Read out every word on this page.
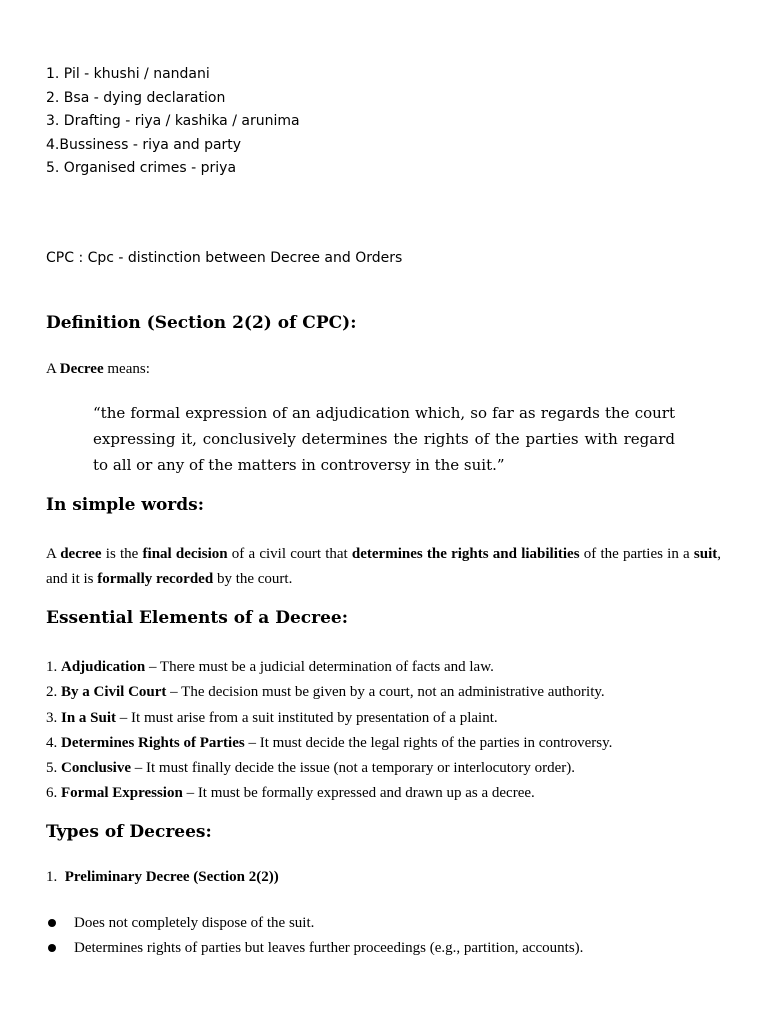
1. Pil - khushi / nandani
2. Bsa - dying declaration
3. Drafting - riya / kashika / arunima
4.Bussiness - riya and party
5. Organised crimes - priya
CPC : Cpc - distinction between Decree and Orders
Definition (Section 2(2) of CPC):

A Decree means:

“the formal expression of an adjudication which, so far as regards the court expressing it, conclusively determines the rights of the parties with regard to all or any of the matters in controversy in the suit.”

In simple words:

A decree is the final decision of a civil court that determines the rights and liabilities of the parties in a suit, and it is formally recorded by the court.

Essential Elements of a Decree:
1. Adjudication – There must be a judicial determination of facts and law.
2. By a Civil Court – The decision must be given by a court, not an administrative authority.
3. In a Suit – It must arise from a suit instituted by presentation of a plaint.
4. Determines Rights of Parties – It must decide the legal rights of the parties in controversy.
5. Conclusive – It must finally decide the issue (not a temporary or interlocutory order).
6. Formal Expression – It must be formally expressed and drawn up as a decree.
Types of Decrees:

1.  Preliminary Decree (Section 2(2))

Does not completely dispose of the suit.
Determines rights of parties but leaves further proceedings (e.g., partition, accounts).
